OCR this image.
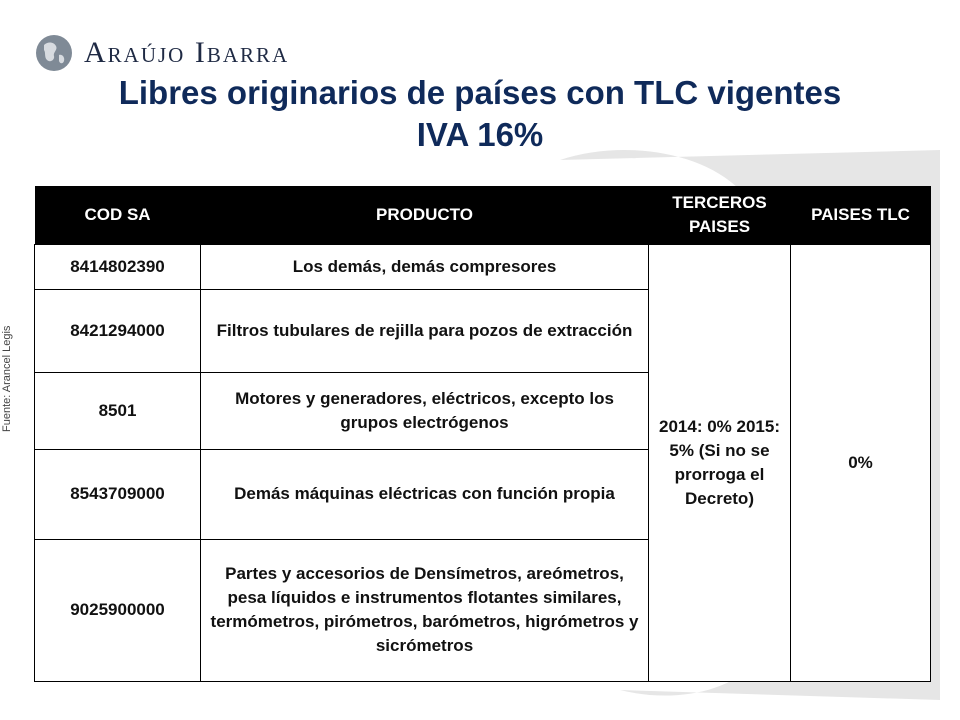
Araújo Ibarra
Libres originarios de países con TLC vigentes
IVA 16%
Fuente: Arancel Legis
COD SA	PRODUCTO	TERCEROS PAISES	PAISES TLC
8414802390	Los demás, demás compresores	2014: 0% 2015: 5% (Si no se prorroga el Decreto)	0%
8421294000	Filtros tubulares de rejilla para pozos de extracción		
8501	Motores y generadores, eléctricos, excepto los grupos electrógenos		
8543709000	Demás máquinas eléctricas con función propia		
9025900000	Partes y accesorios de Densímetros, areómetros, pesa líquidos e instrumentos flotantes similares, termómetros, pirómetros, barómetros, higrómetros y sicrómetros		
